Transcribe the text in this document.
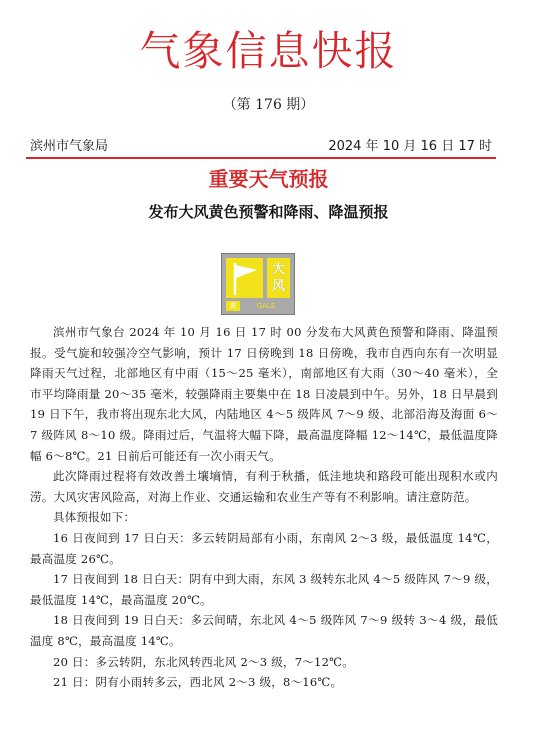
气象信息快报
（第 176 期）
滨州市气象局	2024 年 10 月 16 日 17 时
重要天气预报
发布大风黄色预警和降雨、降温预报
大
风
黄	GALE

滨州市气象台 2024 年 10 月 16 日 17 时 00 分发布大风黄色预警和降雨、降温预报。受气旋和较强冷空气影响，预计 17 日傍晚到 18 日傍晚，我市自西向东有一次明显降雨天气过程，北部地区有中雨（15～25 毫米），南部地区有大雨（30～40 毫米），全市平均降雨量 20～35 毫米，较强降雨主要集中在 18 日凌晨到中午。另外，18 日早晨到 19 日下午，我市将出现东北大风，内陆地区 4～5 级阵风 7～9 级、北部沿海及海面 6～7 级阵风 8～10 级。降雨过后，气温将大幅下降，最高温度降幅 12～14℃，最低温度降幅 6～8℃。21 日前后可能还有一次小雨天气。

此次降雨过程将有效改善土壤墒情，有利于秋播，低洼地块和路段可能出现积水或内涝。大风灾害风险高，对海上作业、交通运输和农业生产等有不利影响。请注意防范。

具体预报如下：

16 日夜间到 17 日白天：多云转阴局部有小雨，东南风 2～3 级，最低温度 14℃，最高温度 26℃。

17 日夜间到 18 日白天：阴有中到大雨，东风 3 级转东北风 4～5 级阵风 7～9 级，最低温度 14℃，最高温度 20℃。

18 日夜间到 19 日白天：多云间晴，东北风 4～5 级阵风 7～9 级转 3～4 级，最低温度 8℃，最高温度 14℃。

20 日：多云转阴，东北风转西北风 2～3 级，7～12℃。

21 日：阴有小雨转多云，西北风 2～3 级，8～16℃。
